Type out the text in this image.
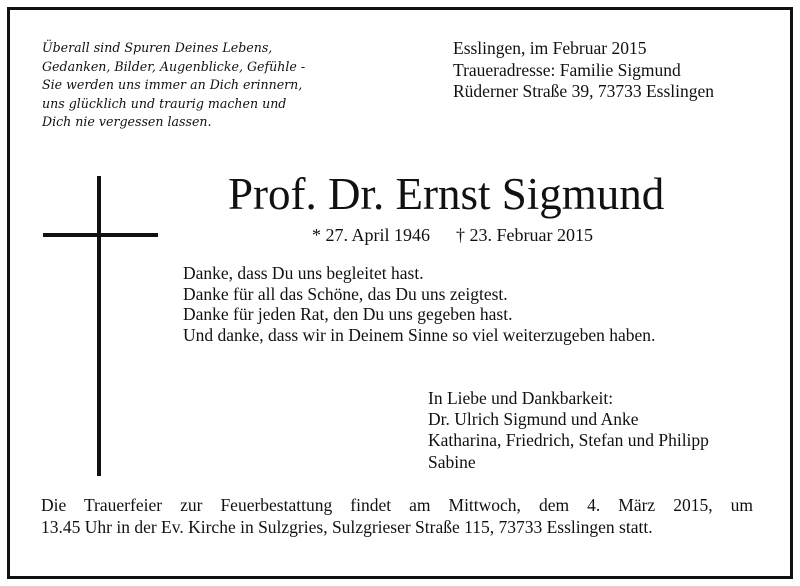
Überall sind Spuren Deines Lebens,
Gedanken, Bilder, Augenblicke, Gefühle -
Sie werden uns immer an Dich erinnern,
uns glücklich und traurig machen und
Dich nie vergessen lassen.
Esslingen, im Februar 2015
Traueradresse: Familie Sigmund
Rüderner Straße 39, 73733 Esslingen
Prof. Dr. Ernst Sigmund
* 27. April 1946 † 23. Februar 2015
Danke, dass Du uns begleitet hast.
Danke für all das Schöne, das Du uns zeigtest.
Danke für jeden Rat, den Du uns gegeben hast.
Und danke, dass wir in Deinem Sinne so viel weiterzugeben haben.
In Liebe und Dankbarkeit:
Dr. Ulrich Sigmund und Anke
Katharina, Friedrich, Stefan und Philipp
Sabine
Die Trauerfeier zur Feuerbestattung findet am Mittwoch, dem 4. März 2015, um
13.45 Uhr in der Ev. Kirche in Sulzgries, Sulzgrieser Straße 115, 73733 Esslingen statt.
